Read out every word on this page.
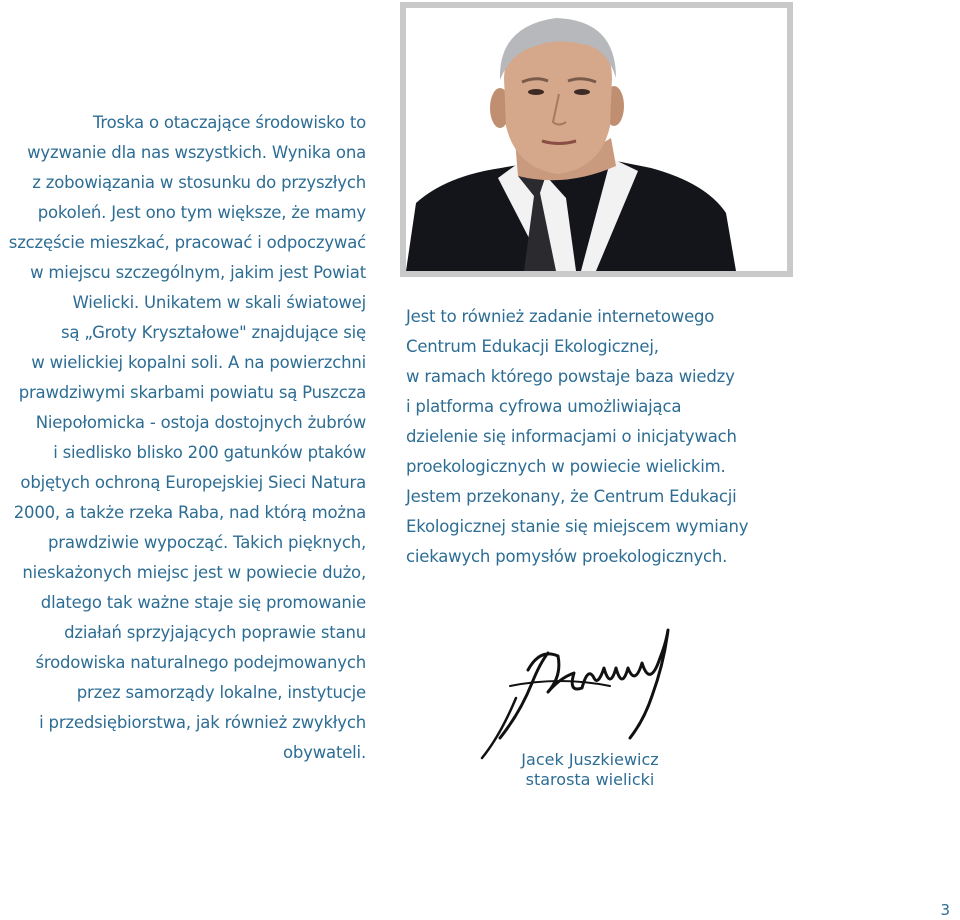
Troska o otaczające środowisko to
wyzwanie dla nas wszystkich. Wynika ona
z zobowiązania w stosunku do przyszłych
pokoleń. Jest ono tym większe, że mamy
szczęście mieszkać, pracować i odpoczywać
w miejscu szczególnym, jakim jest Powiat
Wielicki. Unikatem w skali światowej
są „Groty Kryształowe" znajdujące się
w wielickiej kopalni soli. A na powierzchni
prawdziwymi skarbami powiatu są Puszcza
Niepołomicka - ostoja dostojnych żubrów
i siedlisko blisko 200 gatunków ptaków
objętych ochroną Europejskiej Sieci Natura
2000, a także rzeka Raba, nad którą można
prawdziwie wypocząć. Takich pięknych,
nieskażonych miejsc jest w powiecie dużo,
dlatego tak ważne staje się promowanie
działań sprzyjających poprawie stanu
środowiska naturalnego podejmowanych
przez samorządy lokalne, instytucje
i przedsiębiorstwa, jak również zwykłych
obywateli.
Jest to również zadanie internetowego
Centrum Edukacji Ekologicznej,
w ramach którego powstaje baza wiedzy
i platforma cyfrowa umożliwiająca
dzielenie się informacjami o inicjatywach
proekologicznych w powiecie wielickim.
Jestem przekonany, że Centrum Edukacji
Ekologicznej stanie się miejscem wymiany
ciekawych pomysłów proekologicznych.
Jacek Juszkiewicz
starosta wielicki
3
